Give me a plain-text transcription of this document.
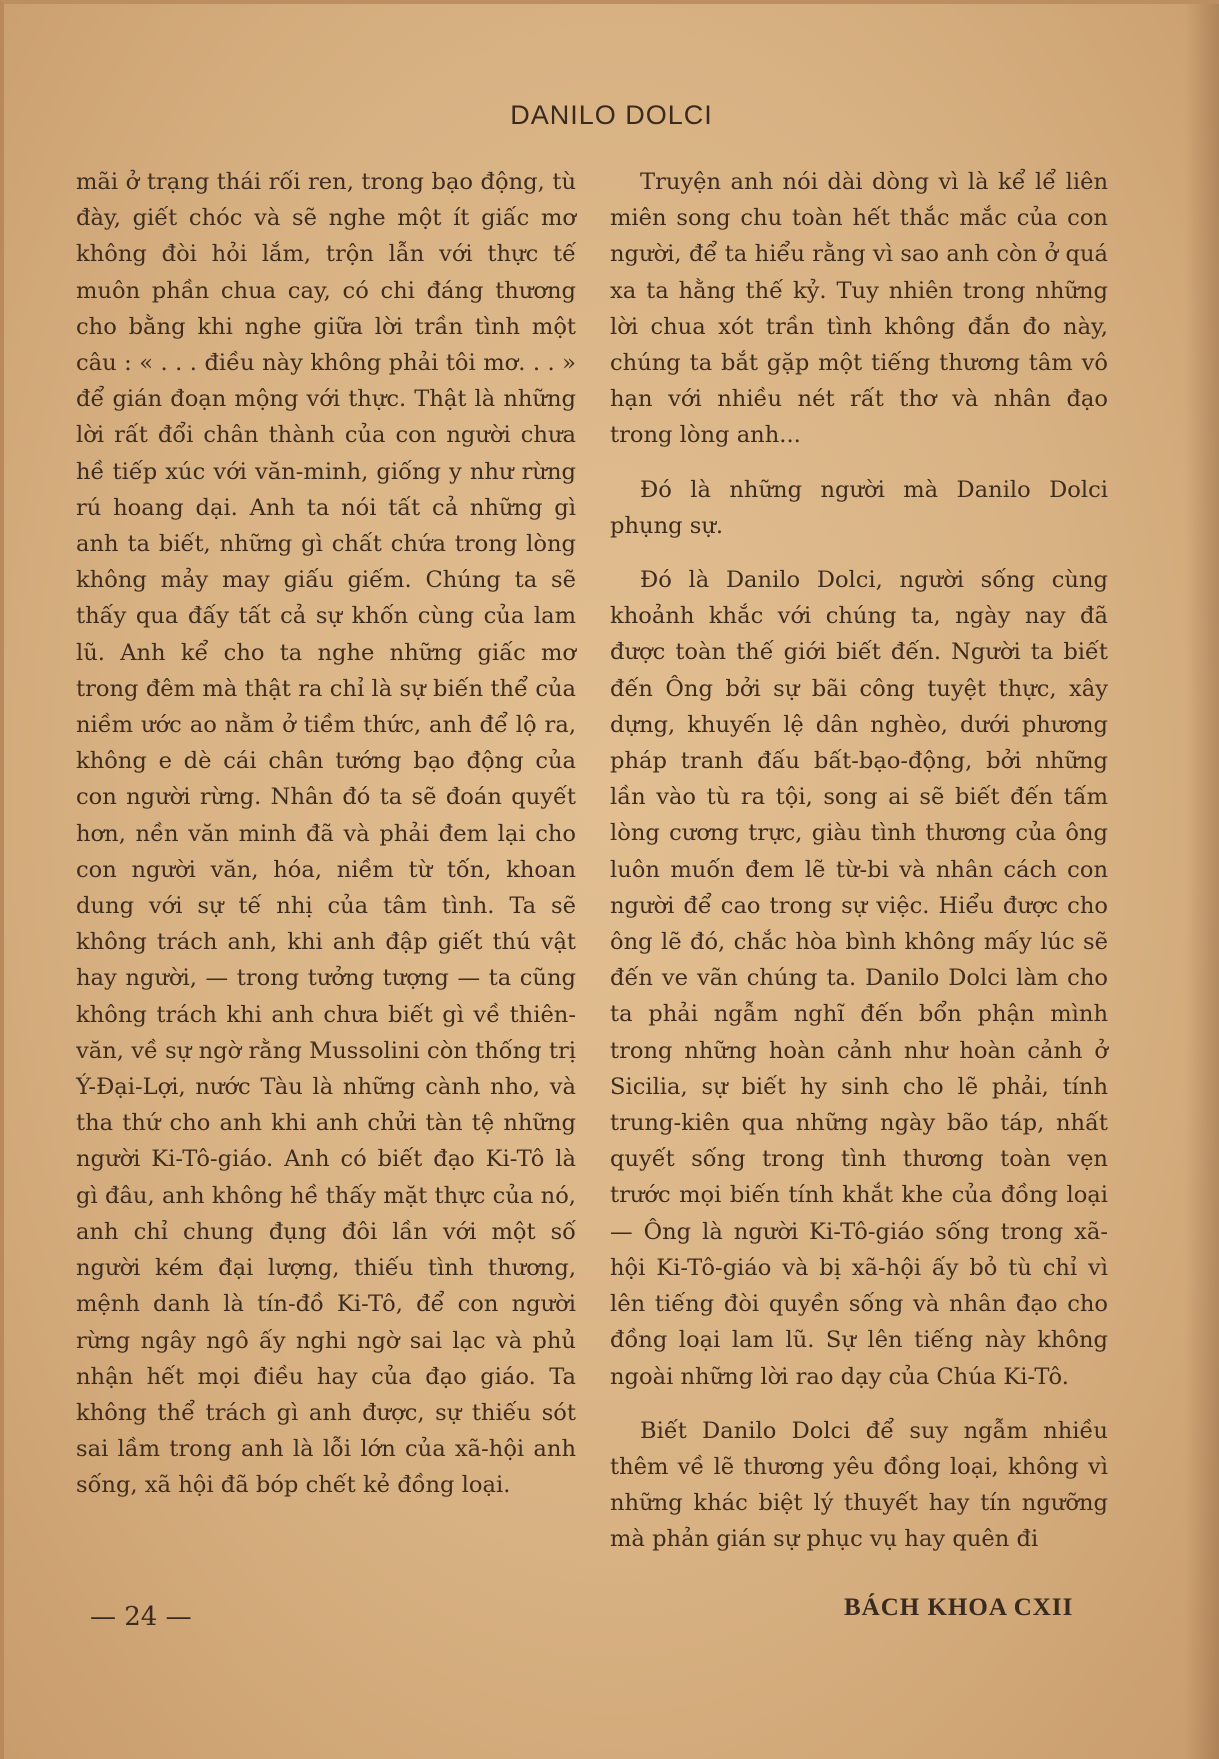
DANILO DOLCI

mãi ở trạng thái rối ren, trong bạo động, tù đày, giết chóc và sẽ nghe một ít giấc mơ không đòi hỏi lắm, trộn lẫn với thực tế muôn phần chua cay, có chi đáng thương cho bằng khi nghe giữa lời trần tình một câu : « . . . điều này không phải tôi mơ. . . » để gián đoạn mộng với thực. Thật là những lời rất đổi chân thành của con người chưa hề tiếp xúc với văn-minh, giống y như rừng rú hoang dại. Anh ta nói tất cả những gì anh ta biết, những gì chất chứa trong lòng không mảy may giấu giếm. Chúng ta sẽ thấy qua đấy tất cả sự khốn cùng của lam lũ. Anh kể cho ta nghe những giấc mơ trong đêm mà thật ra chỉ là sự biến thể của niềm ước ao nằm ở tiềm thức, anh để lộ ra, không e dè cái chân tướng bạo động của con người rừng. Nhân đó ta sẽ đoán quyết hơn, nền văn minh đã và phải đem lại cho con người văn, hóa, niềm từ tốn, khoan dung với sự tế nhị của tâm tình. Ta sẽ không trách anh, khi anh đập giết thú vật hay người, — trong tưởng tượng — ta cũng không trách khi anh chưa biết gì về thiên-văn, về sự ngờ rằng Mussolini còn thống trị Ý-Đại-Lợi, nước Tàu là những cành nho, và tha thứ cho anh khi anh chửi tàn tệ những người Ki-Tô-giáo. Anh có biết đạo Ki-Tô là gì đâu, anh không hề thấy mặt thực của nó, anh chỉ chung đụng đôi lần với một số người kém đại lượng, thiếu tình thương, mệnh danh là tín-đồ Ki-Tô, để con người rừng ngây ngô ấy nghi ngờ sai lạc và phủ nhận hết mọi điều hay của đạo giáo. Ta không thể trách gì anh được, sự thiếu sót sai lầm trong anh là lỗi lớn của xã-hội anh sống, xã hội đã bóp chết kẻ đồng loại.

Truyện anh nói dài dòng vì là kể lể liên miên song chu toàn hết thắc mắc của con người, để ta hiểu rằng vì sao anh còn ở quá xa ta hằng thế kỷ. Tuy nhiên trong những lời chua xót trần tình không đắn đo này, chúng ta bắt gặp một tiếng thương tâm vô hạn với nhiều nét rất thơ và nhân đạo trong lòng anh...

Đó là những người mà Danilo Dolci phụng sự.

Đó là Danilo Dolci, người sống cùng khoảnh khắc với chúng ta, ngày nay đã được toàn thế giới biết đến. Người ta biết đến Ông bởi sự bãi công tuyệt thực, xây dựng, khuyến lệ dân nghèo, dưới phương pháp tranh đấu bất-bạo-động, bởi những lần vào tù ra tội, song ai sẽ biết đến tấm lòng cương trực, giàu tình thương của ông luôn muốn đem lẽ từ-bi và nhân cách con người để cao trong sự việc. Hiểu được cho ông lẽ đó, chắc hòa bình không mấy lúc sẽ đến ve vãn chúng ta. Danilo Dolci làm cho ta phải ngẫm nghĩ đến bổn phận mình trong những hoàn cảnh như hoàn cảnh ở Sicilia, sự biết hy sinh cho lẽ phải, tính trung-kiên qua những ngày bão táp, nhất quyết sống trong tình thương toàn vẹn trước mọi biến tính khắt khe của đồng loại — Ông là người Ki-Tô-giáo sống trong xã-hội Ki-Tô-giáo và bị xã-hội ấy bỏ tù chỉ vì lên tiếng đòi quyền sống và nhân đạo cho đồng loại lam lũ. Sự lên tiếng này không ngoài những lời rao dạy của Chúa Ki-Tô.

Biết Danilo Dolci để suy ngẫm nhiều thêm về lẽ thương yêu đồng loại, không vì những khác biệt lý thuyết hay tín ngưỡng mà phản gián sự phục vụ hay quên đi

— 24 —	BÁCH KHOA CXII
